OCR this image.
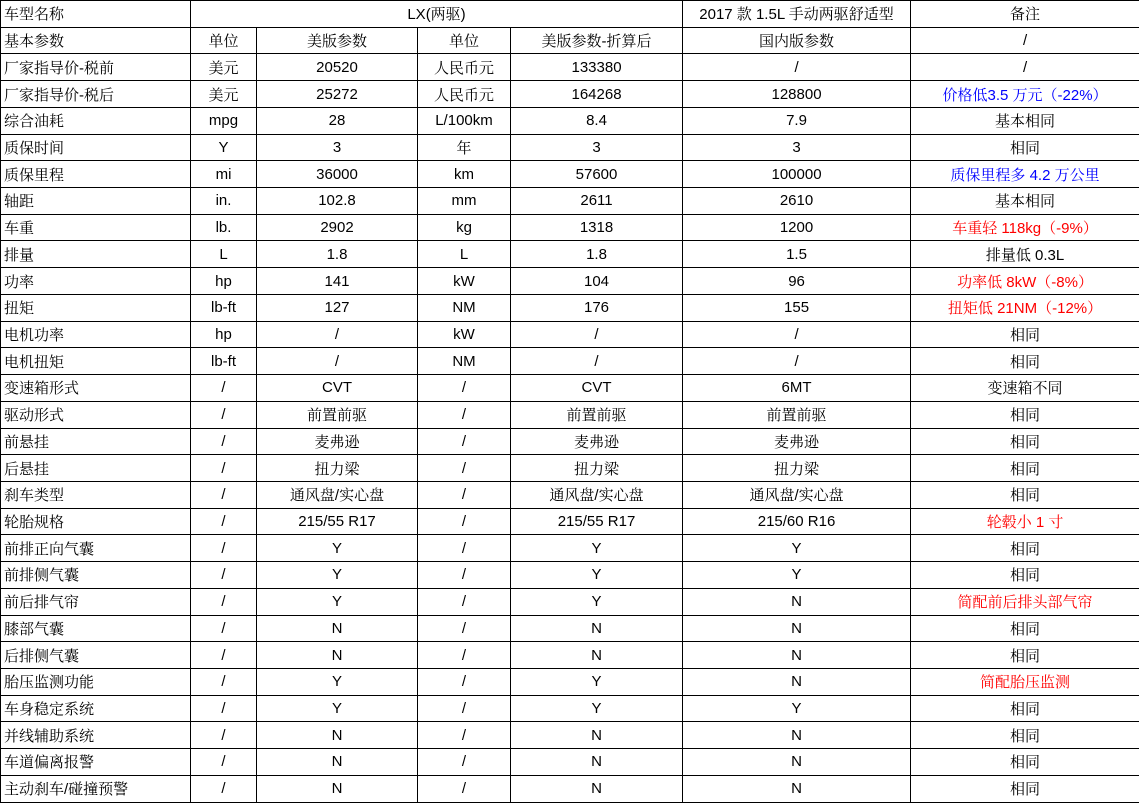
车型名称	LX(两驱)				2017 款 1.5L 手动两驱舒适型	备注
基本参数	单位	美版参数	单位	美版参数-折算后	国内版参数	/
厂家指导价-税前	美元	20520	人民币元	133380	/	/
厂家指导价-税后	美元	25272	人民币元	164268	128800	价格低3.5 万元（-22%）
综合油耗	mpg	28	L/100km	8.4	7.9	基本相同
质保时间	Y	3	年	3	3	相同
质保里程	mi	36000	km	57600	100000	质保里程多 4.2 万公里
轴距	in.	102.8	mm	2611	2610	基本相同
车重	lb.	2902	kg	1318	1200	车重轻 118kg（-9%）
排量	L	1.8	L	1.8	1.5	排量低 0.3L
功率	hp	141	kW	104	96	功率低 8kW（-8%）
扭矩	lb-ft	127	NM	176	155	扭矩低 21NM（-12%）
电机功率	hp	/	kW	/	/	相同
电机扭矩	lb-ft	/	NM	/	/	相同
变速箱形式	/	CVT	/	CVT	6MT	变速箱不同
驱动形式	/	前置前驱	/	前置前驱	前置前驱	相同
前悬挂	/	麦弗逊	/	麦弗逊	麦弗逊	相同
后悬挂	/	扭力梁	/	扭力梁	扭力梁	相同
刹车类型	/	通风盘/实心盘	/	通风盘/实心盘	通风盘/实心盘	相同
轮胎规格	/	215/55 R17	/	215/55 R17	215/60 R16	轮毂小 1 寸
前排正向气囊	/	Y	/	Y	Y	相同
前排侧气囊	/	Y	/	Y	Y	相同
前后排气帘	/	Y	/	Y	N	简配前后排头部气帘
膝部气囊	/	N	/	N	N	相同
后排侧气囊	/	N	/	N	N	相同
胎压监测功能	/	Y	/	Y	N	简配胎压监测
车身稳定系统	/	Y	/	Y	Y	相同
并线辅助系统	/	N	/	N	N	相同
车道偏离报警	/	N	/	N	N	相同
主动刹车/碰撞预警	/	N	/	N	N	相同
